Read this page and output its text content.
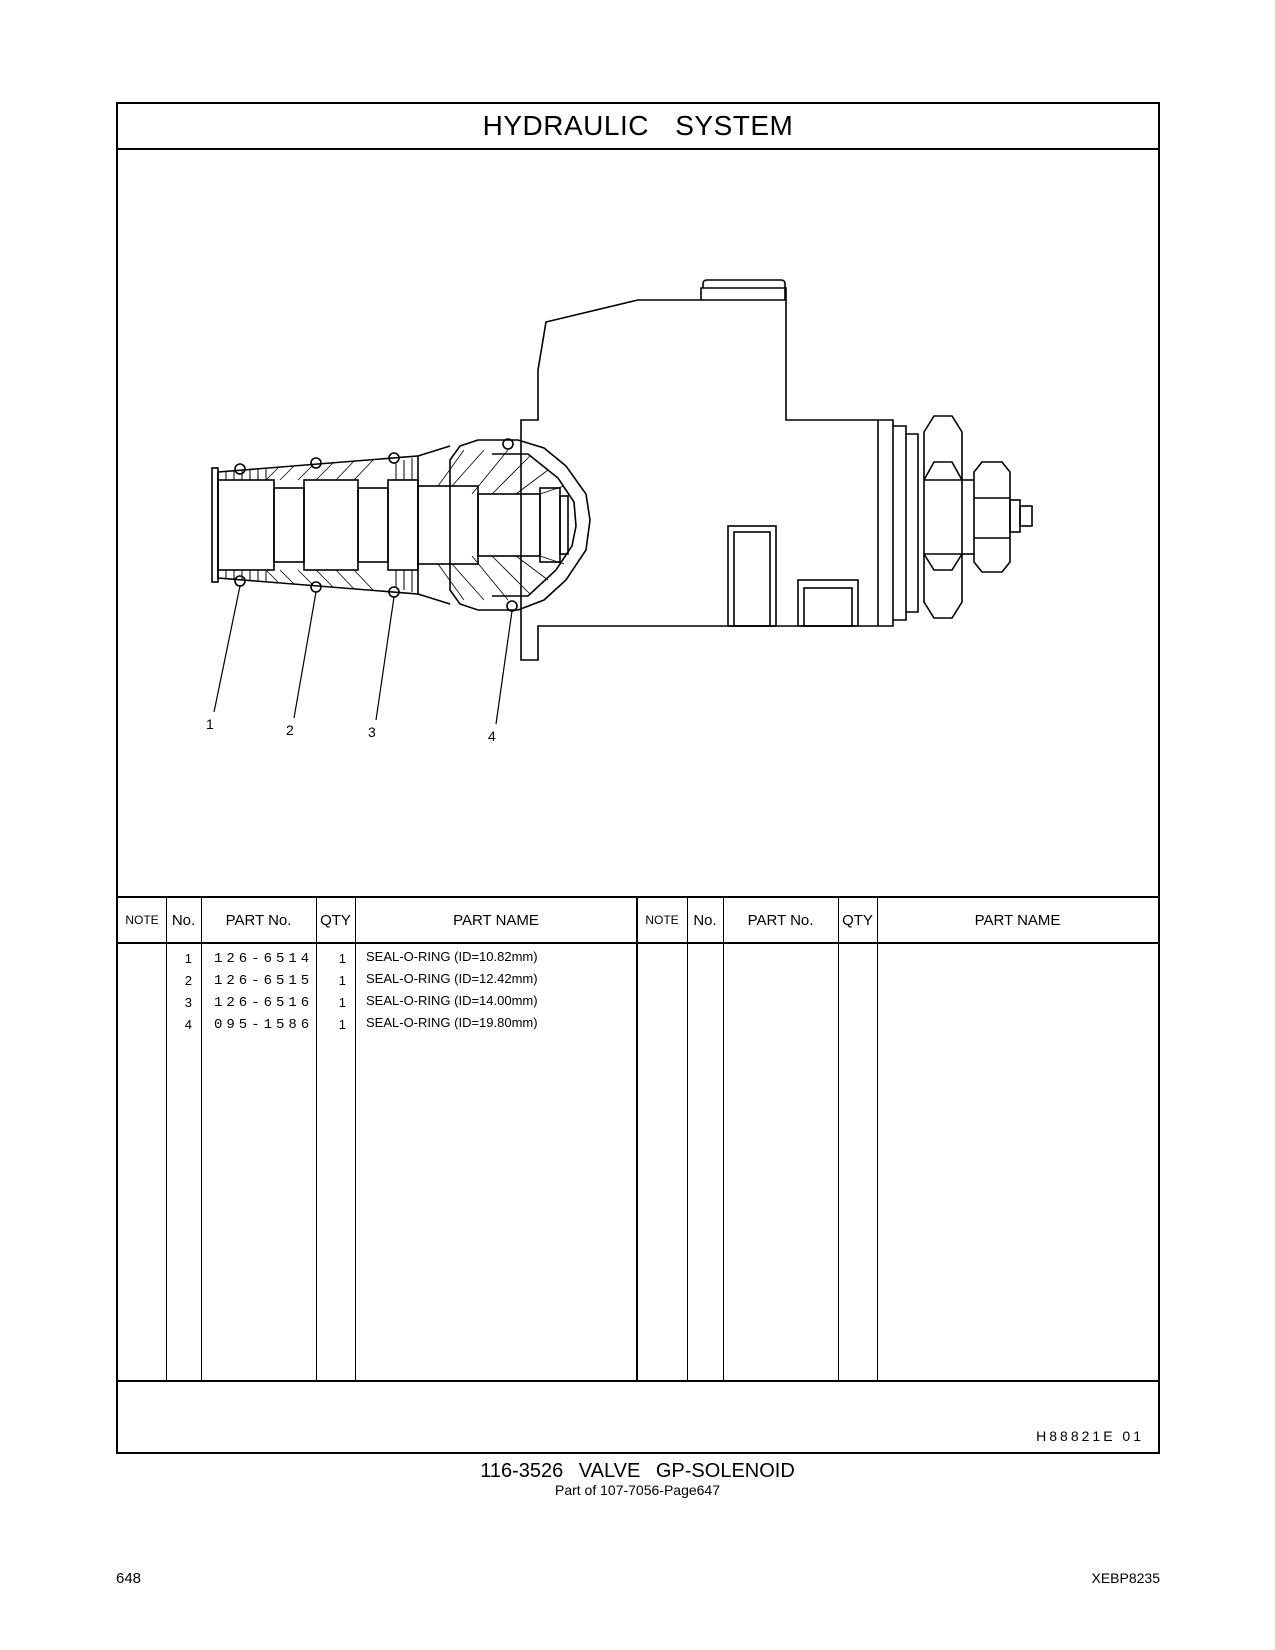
HYDRAULIC SYSTEM
1	2	3	4
NOTE No.	PART No.	QTY	PART NAME	NOTE No.	PART No.	QTY	PART NAME
1 126-6514	1 SEAL-O-RING (ID=10.82mm)
2 126-6515	1 SEAL-O-RING (ID=12.42mm)
3 126-6516	1 SEAL-O-RING (ID=14.00mm)
4 095-1586	1 SEAL-O-RING (ID=19.80mm)
H88821E 01
116-3526 VALVE GP-SOLENOID
Part of 107-7056-Page647
648	XEBP8235
